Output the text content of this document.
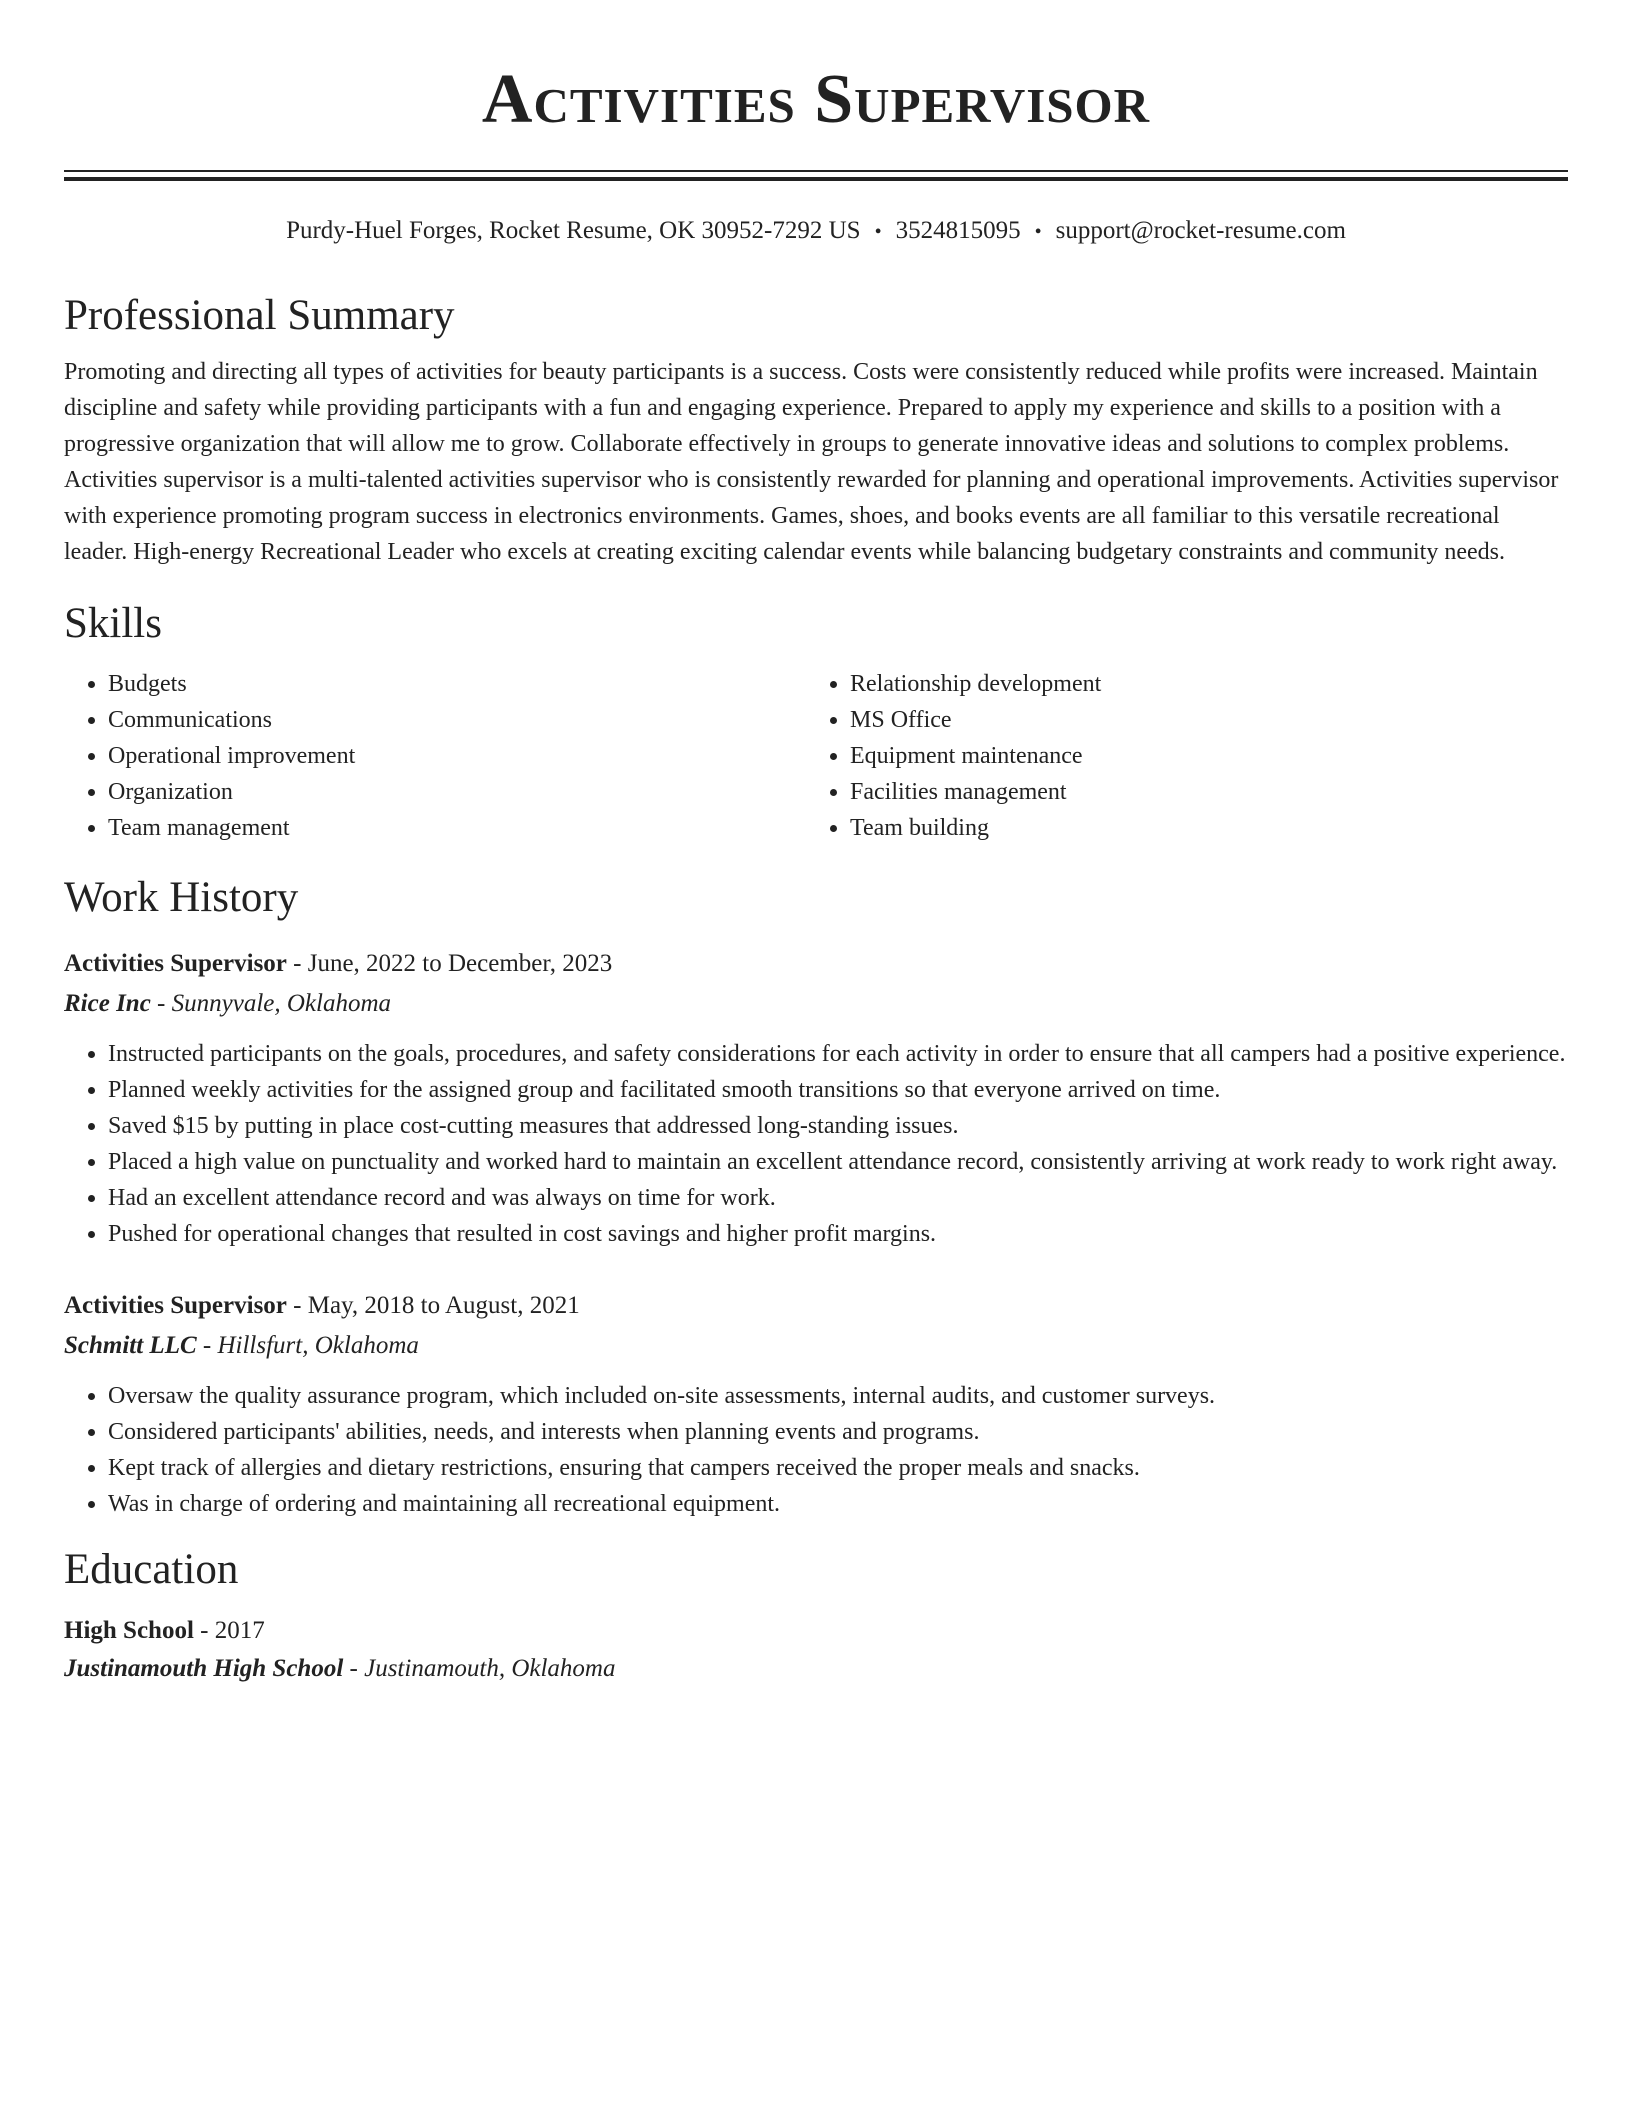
Activities Supervisor
Purdy-Huel Forges, Rocket Resume, OK 30952-7292 US • 3524815095 • support@rocket-resume.com
Professional Summary
Promoting and directing all types of activities for beauty participants is a success. Costs were consistently reduced while profits were increased. Maintain discipline and safety while providing participants with a fun and engaging experience. Prepared to apply my experience and skills to a position with a progressive organization that will allow me to grow. Collaborate effectively in groups to generate innovative ideas and solutions to complex problems. Activities supervisor is a multi-talented activities supervisor who is consistently rewarded for planning and operational improvements. Activities supervisor with experience promoting program success in electronics environments. Games, shoes, and books events are all familiar to this versatile recreational leader. High-energy Recreational Leader who excels at creating exciting calendar events while balancing budgetary constraints and community needs.
Skills
• Budgets
• Communications
• Operational improvement
• Organization
• Team management
• Relationship development
• MS Office
• Equipment maintenance
• Facilities management
• Team building
Work History
Activities Supervisor - June, 2022 to December, 2023
Rice Inc - Sunnyvale, Oklahoma
• Instructed participants on the goals, procedures, and safety considerations for each activity in order to ensure that all campers had a positive experience.
• Planned weekly activities for the assigned group and facilitated smooth transitions so that everyone arrived on time.
• Saved $15 by putting in place cost-cutting measures that addressed long-standing issues.
• Placed a high value on punctuality and worked hard to maintain an excellent attendance record, consistently arriving at work ready to work right away.
• Had an excellent attendance record and was always on time for work.
• Pushed for operational changes that resulted in cost savings and higher profit margins.
Activities Supervisor - May, 2018 to August, 2021
Schmitt LLC - Hillsfurt, Oklahoma
• Oversaw the quality assurance program, which included on-site assessments, internal audits, and customer surveys.
• Considered participants' abilities, needs, and interests when planning events and programs.
• Kept track of allergies and dietary restrictions, ensuring that campers received the proper meals and snacks.
• Was in charge of ordering and maintaining all recreational equipment.
Education
High School - 2017
Justinamouth High School - Justinamouth, Oklahoma
